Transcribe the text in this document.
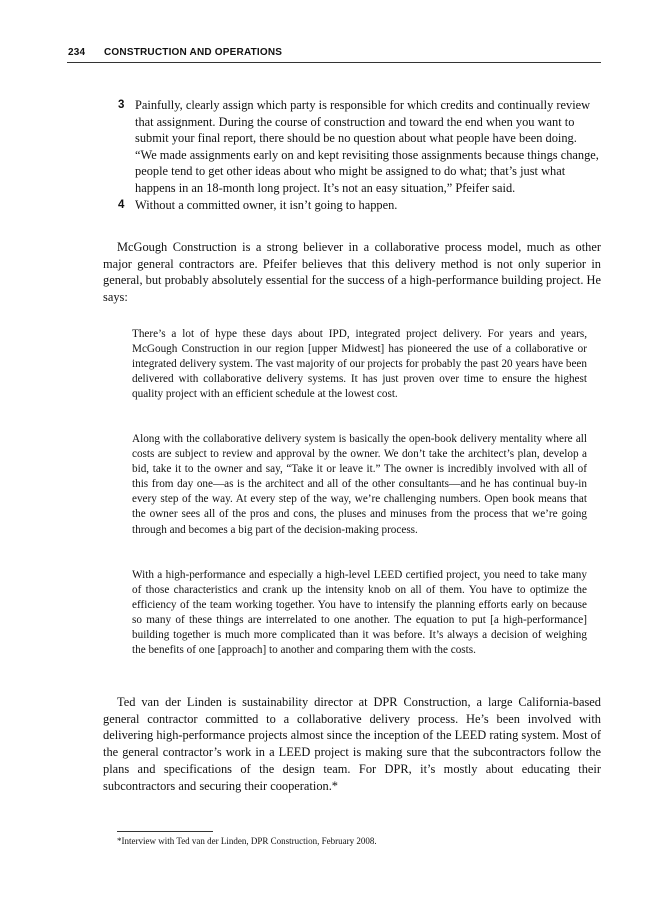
234 CONSTRUCTION AND OPERATIONS
3 Painfully, clearly assign which party is responsible for which credits and continually review that assignment. During the course of construction and toward the end when you want to submit your final report, there should be no question about what people have been doing. “We made assignments early on and kept revisiting those assignments because things change, people tend to get other ideas about who might be assigned to do what; that’s just what happens in an 18-month long project. It’s not an easy situation,” Pfeifer said.
4 Without a committed owner, it isn’t going to happen.

McGough Construction is a strong believer in a collaborative process model, much as other major general contractors are. Pfeifer believes that this delivery method is not only superior in general, but probably absolutely essential for the success of a high-performance building project. He says:

There’s a lot of hype these days about IPD, integrated project delivery. For years and years, McGough Construction in our region [upper Midwest] has pioneered the use of a collaborative or integrated delivery system. The vast majority of our projects for probably the past 20 years have been delivered with collaborative delivery systems. It has just proven over time to ensure the highest quality project with an efficient schedule at the lowest cost.

Along with the collaborative delivery system is basically the open-book delivery mentality where all costs are subject to review and approval by the owner. We don’t take the architect’s plan, develop a bid, take it to the owner and say, “Take it or leave it.” The owner is incredibly involved with all of this from day one—as is the architect and all of the other consultants—and he has continual buy-in every step of the way. At every step of the way, we’re challenging numbers. Open book means that the owner sees all of the pros and cons, the pluses and minuses from the process that we’re going through and becomes a big part of the decision-making process.

With a high-performance and especially a high-level LEED certified project, you need to take many of those characteristics and crank up the intensity knob on all of them. You have to optimize the efficiency of the team working together. You have to intensify the planning efforts early on because so many of these things are interrelated to one another. The equation to put [a high-performance] building together is much more complicated than it was before. It’s always a decision of weighing the benefits of one [approach] to another and comparing them with the costs.

Ted van der Linden is sustainability director at DPR Construction, a large California-based general contractor committed to a collaborative delivery process. He’s been involved with delivering high-performance projects almost since the inception of the LEED rating system. Most of the general contractor’s work in a LEED project is making sure that the subcontractors follow the plans and specifications of the design team. For DPR, it’s mostly about educating their subcontractors and securing their cooperation.*

*Interview with Ted van der Linden, DPR Construction, February 2008.
